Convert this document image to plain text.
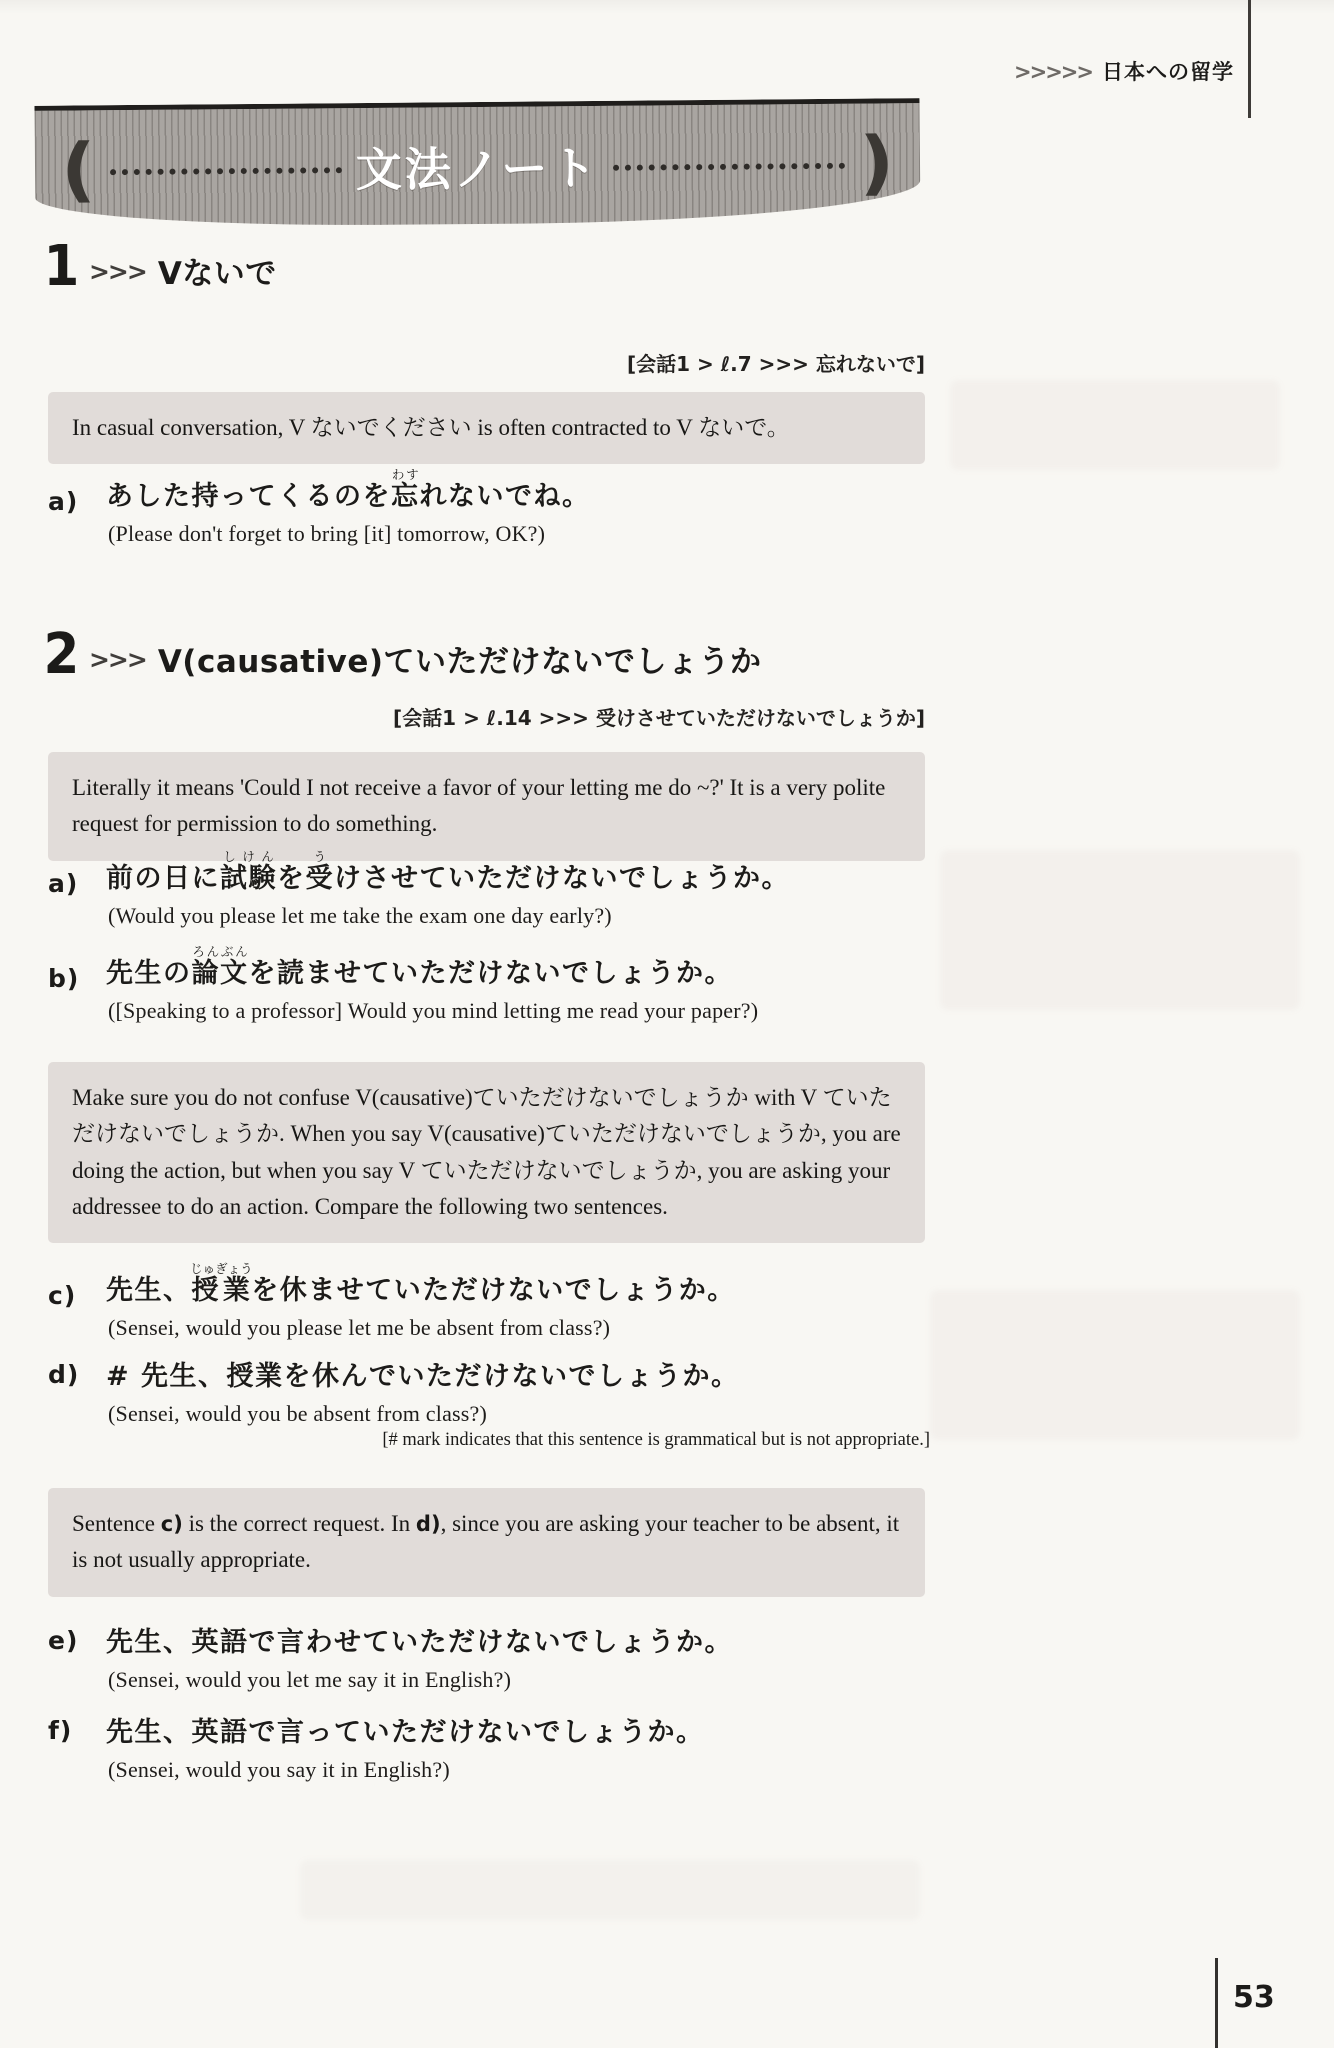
>>>>> 日本への留学
(	文法ノート	)
1 >>> Vないで
[会話1 > ℓ.7 >>> 忘れないで]
In casual conversation, V ないでください is often contracted to V ないで。
a)	あした持ってくるのを忘わすれないでね。
(Please don't forget to bring [it] tomorrow, OK?)
2 >>> V(causative)ていただけないでしょうか
[会話1 > ℓ.14 >>> 受けさせていただけないでしょうか]
Literally it means 'Could I not receive a favor of your letting me do ~?' It is a very polite request for permission to do something.
a)	前の日に試験しけんを受うけさせていただけないでしょうか。
(Would you please let me take the exam one day early?)
b) 先生の論文ろんぶんを読ませていただけないでしょうか。
([Speaking to a professor] Would you mind letting me read your paper?)
Make sure you do not confuse V(causative)ていただけないでしょうか with V ていただけないでしょうか. When you say V(causative)ていただけないでしょうか, you are doing the action, but when you say V ていただけないでしょうか, you are asking your addressee to do an action. Compare the following two sentences.
c)	先生、授業じゅぎょうを休ませていただけないでしょうか。
(Sensei, would you please let me be absent from class?)
d) # 先生、授業を休んでいただけないでしょうか。
(Sensei, would you be absent from class?)
[# mark indicates that this sentence is grammatical but is not appropriate.]
Sentence c) is the correct request. In d), since you are asking your teacher to be absent, it is not usually appropriate.
e)	先生、英語で言わせていただけないでしょうか。
(Sensei, would you let me say it in English?)
f)	先生、英語で言っていただけないでしょうか。
(Sensei, would you say it in English?)
53
